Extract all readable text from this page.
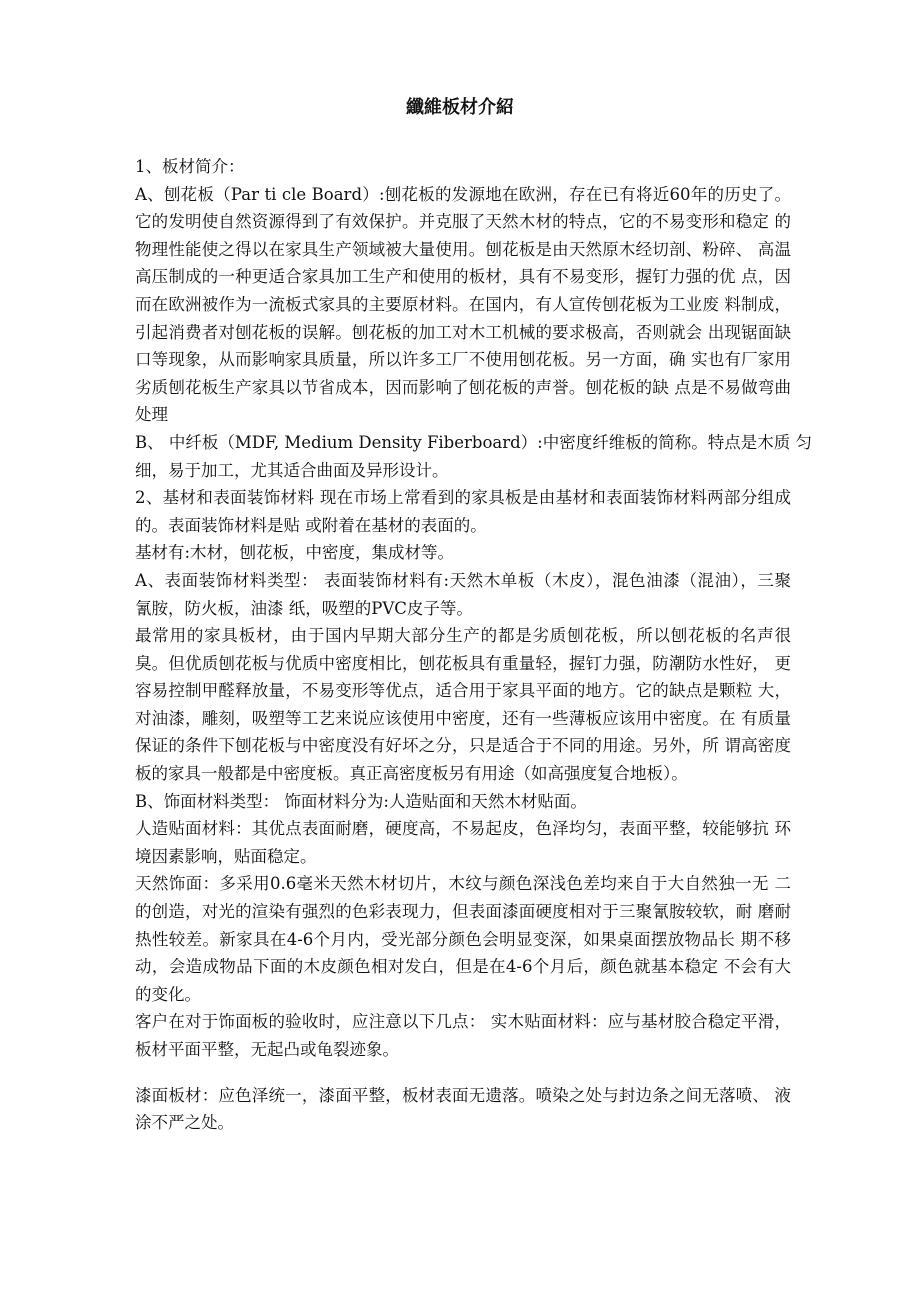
纖維板材介紹
1、板材简介：
A、刨花板（Par ti cle Board）:刨花板的发源地在欧洲，存在已有将近60年的历史了。
它的发明使自然资源得到了有效保护。并克服了天然木材的特点，它的不易变形和稳定 的
物理性能使之得以在家具生产领域被大量使用。刨花板是由天然原木经切剖、粉碎、 高温
高压制成的一种更适合家具加工生产和使用的板材，具有不易变形，握钉力强的优 点，因
而在欧洲被作为一流板式家具的主要原材料。在国内，有人宣传刨花板为工业废 料制成，
引起消费者对刨花板的误解。刨花板的加工对木工机械的要求极高，否则就会 出现锯面缺
口等现象，从而影响家具质量，所以许多工厂不使用刨花板。另一方面，确 实也有厂家用
劣质刨花板生产家具以节省成本，因而影响了刨花板的声誉。刨花板的缺 点是不易做弯曲
处理
B、 中纤板（MDF, Medium Density Fiberboard）:中密度纤维板的简称。特点是木质 匀
细，易于加工，尤其适合曲面及异形设计。
2、基材和表面装饰材料 现在市场上常看到的家具板是由基材和表面装饰材料两部分组成
的。表面装饰材料是贴 或附着在基材的表面的。
基材有:木材，刨花板，中密度，集成材等。
A、表面装饰材料类型： 表面装饰材料有:天然木单板（木皮），混色油漆（混油），三聚
氰胺，防火板，油漆 纸，吸塑的PVC皮子等。
最常用的家具板材，由于国内早期大部分生产的都是劣质刨花板，所以刨花板的名声很
臭。但优质刨花板与优质中密度相比，刨花板具有重量轻，握钉力强，防潮防水性好， 更
容易控制甲醛释放量，不易变形等优点，适合用于家具平面的地方。它的缺点是颗粒 大，
对油漆，雕刻，吸塑等工艺来说应该使用中密度，还有一些薄板应该用中密度。在 有质量
保证的条件下刨花板与中密度没有好坏之分，只是适合于不同的用途。另外，所 谓高密度
板的家具一般都是中密度板。真正高密度板另有用途（如高强度复合地板）。
B、饰面材料类型： 饰面材料分为:人造贴面和天然木材贴面。
人造贴面材料：其优点表面耐磨，硬度高，不易起皮，色泽均匀，表面平整，较能够抗 环
境因素影响，贴面稳定。
天然饰面：多采用0.6毫米天然木材切片，木纹与颜色深浅色差均来自于大自然独一无 二
的创造，对光的渲染有强烈的色彩表现力，但表面漆面硬度相对于三聚氰胺较软，耐 磨耐
热性较差。新家具在4-6个月内，受光部分颜色会明显变深，如果桌面摆放物品长 期不移
动，会造成物品下面的木皮颜色相对发白，但是在4-6个月后，颜色就基本稳定 不会有大
的变化。
客户在对于饰面板的验收时，应注意以下几点： 实木贴面材料：应与基材胶合稳定平滑，
板材平面平整，无起凸或龟裂迹象。
漆面板材：应色泽统一，漆面平整，板材表面无遗落。喷染之处与封边条之间无落喷、 液
涂不严之处。
